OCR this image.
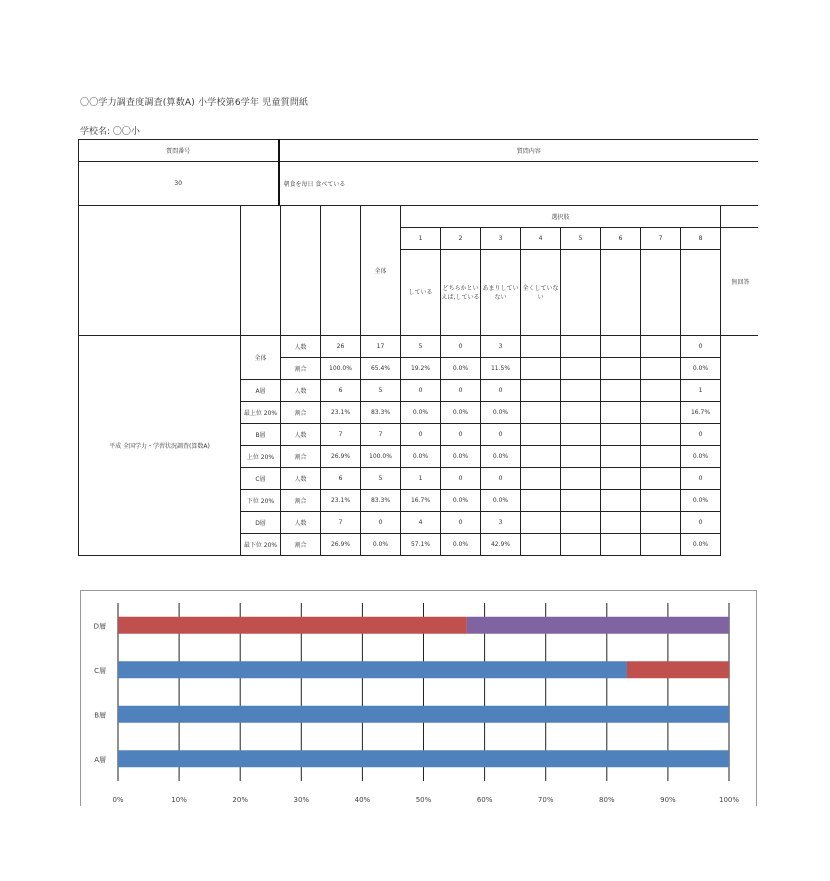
〇〇学力調査度調査(算数A) 小学校第6学年 児童質問紙
学校名: 〇〇小
質問番号	質問内容
30	朝食を毎日 食べている
				全体	選択肢								
					1	2	3	4	5	6	7	8	無回答
					している	どちらかといえば,している	あまりしていない	全くしていない					
平成 全国学力・学習状況調査(算数A)	全体	人数	26	17	5	0	3					0	
		割合	100.0%	65.4%	19.2%	0.0%	11.5%					0.0%	
	A層	人数	6	5	0	0	0					1	
	最上位 20%	割合	23.1%	83.3%	0.0%	0.0%	0.0%					16.7%	
	B層	人数	7	7	0	0	0					0	
	上位 20%	割合	26.9%	100.0%	0.0%	0.0%	0.0%					0.0%	
	C層	人数	6	5	1	0	0					0	
	下位 20%	割合	23.1%	83.3%	16.7%	0.0%	0.0%					0.0%	
	D層	人数	7	0	4	0	3					0	
	最下位 20%	割合	26.9%	0.0%	57.1%	0.0%	42.9%					0.0%	
0%	10%	20%	30%	40%	50%	60%	70%	80%	90%	100%
D層
C層
B層
A層
